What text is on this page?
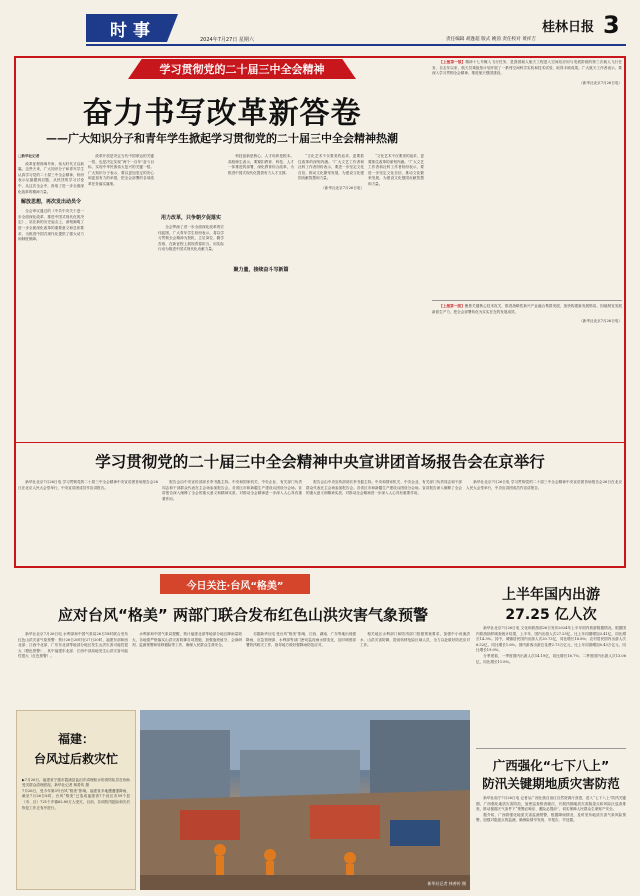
时事	2024年7月27日 星期六	责任编辑 胡逢超 版式 姚茵 责任校对 黄祥吉
桂林日报 3
学习贯彻党的二十届三中全会精神
奋力书写改革新答卷
——广大知识分子和青年学生掀起学习贯彻党的二十届三中全会精神热潮
□新华社记者

改革征程再响号角，伟大时代又启新篇。这些天来，广大知识分子和青年学生认真学习党的二十届三中全会精神，纷纷表示从搞题到启题，从热烈的学习讨论中，从这次全会中，汲取了进一步全面深化改革的精神力量。

解放思想，再次发出动员令

全会审议通过的《中共中央关于进一步全面深化改革、推进中国式现代化的决定》，站在新的历史起点上，深刻阐明了进一步全面深化改革的重要意义和总体要求，为推进中国式现代化提供了强大动力和制度保障。

改革开放是决定当代中国命运的关键一招，也是决定实现“两个一百年”奋斗目标、实现中华民族伟大复兴的关键一招。广大知识分子表示，要以更加坚定的决心和更加有力的举措，把全会部署的各项改革任务落实落细。

用力改革，只争朝夕促落实

全会擘画了进一步全面深化改革的宏伟蓝图，广大青年学生纷纷表示，将以学习贯彻全会精神为契机，立足岗位、勤学苦练，在新征程上展现青春担当，用实际行动为推进中国式现代化贡献力量。

科技创新是核心，人才培养是根本。高校师生表示，要紧扣教育、科技、人才一体推进的部署，深化教育综合改革，为推进中国式现代化提供有力人才支撑。

聚力量，接续奋斗写新篇

“文化艺术不仅要美的追求，更要抓住改革的深刻内涵。”广大文艺工作者和社科工作者纷纷表示，要进一步坚定文化自信，推动文化繁荣发展，为建设文化强国贡献智慧和力量。

（新华社北京7月26日电）

“文化艺术不仅要美的追求，更要抓住改革的深刻内涵。”广大文艺工作者和社科工作者纷纷表示，要进一步坚定文化自信，推动文化繁荣发展，为建设文化强国贡献智慧和力量。

【上接第一版】精神十七号概入飞行任务，是我国载人航天工程进入空间站应用与发展阶段的第三次载人飞行任务，自去年以来，航天员乘组按计划开展了一系列空间科学实验和技术试验，取得丰硕成果。广大航天工作者表示，要深入学习贯彻全会精神，推进航天强国建设。

（新华社北京7月26日电）

【上接第一版】聚焦关键核心技术攻关，推进战略性新兴产业融合集群发展，加快构建新发展格局，因地制宜发展新质生产力，把全会部署转化为实实在在的发展成效。

（新华社北京7月26日电）
学习贯彻党的二十届三中全会精神中央宣讲团首场报告会在京举行

新华社北京7月26日电 学习贯彻党的二十届三中全会精神中央宣讲团首场报告会26日在北京人民大会堂举行，中央宣讲团成员作宣讲报告。

报告会由中央宣传部部长李书磊主持。中央和国家机关、中央企业、有关部门负责同志和干部群众代表在主会场参加报告会。各省区市和新疆生产建设兵团设分会场。宣讲报告深入阐释了全会的重大意义和精神实质，对推动全会精神进一步深入人心具有重要作用。

报告会由中央宣传部部长李书磊主持。中央和国家机关、中央企业、有关部门负责同志和干部群众代表在主会场参加报告会。各省区市和新疆生产建设兵团设分会场。宣讲报告深入阐释了全会的重大意义和精神实质，对推动全会精神进一步深入人心具有重要作用。

新华社北京7月26日电 学习贯彻党的二十届三中全会精神中央宣讲团首场报告会26日在北京人民大会堂举行，中央宣讲团成员作宣讲报告。

上半年国内出游
27.25 亿人次

新华社北京7月26日电 文化和旅游部26日发布2024年上半年国内旅游数据情况。根据国内旅游抽样调查统计结果，上半年，国内出游人次27.25亿，比上年同期增加3.41亿，同比增长14.3%。其中，城镇居民国内出游人次20.73亿，同比增长18.8%；农村居民国内出游人次6.52亿，同比增长1.6%。国内游客出游总花费2.73万亿元，比上年同期增加0.43万亿元，同比增长19.0%。

分季度看，一季度国内出游人次14.19亿，同比增长16.7%；二季度国内出游人次13.06亿，同比增长11.8%。

广西强化“七下八上”
防汛关键期地质灾害防范

新华社南宁7月26日电 记者从广西壮族自治区自然资源厅获悉，进入“七下八上”防汛关键期，广西强化地质灾害防范，加密巡查排查频次，开展汛期地质灾害隐患点和风险区巡查排查，推动极端天气条件下“预警必响应、避险必提前”，切实保障人民群众生命财产安全。

据介绍，广西将强化地质灾害监测预警，根据降雨情况，及时发布地质灾害气象风险预警，加强对隐患点的监测，确保险情早发现、早报告、早处置。

今日关注·台风“格美”
应对台风“格美” 两部门联合发布红色山洪灾害气象预警

新华社北京7月26日电 水利部和中国气象局26日18时联合发布红色山洪灾害气象预警：预计26日20时至27日20时，福建东部和西北部、江西中北部、广东东北部等地部分地区发生山洪灾害可能性很大（橙色预警），其中福建东北部、江西中部局地发生山洪灾害可能性很大（红色预警）。

水利部和中国气象局提醒，预计福建北部等地部分地区降雨量较大，各地需严格落实山洪灾害防御各项措施，加强值班值守、会商研判、监测预警和转移避险等工作，确保人民群众生命安全。

另据新华社电 受台风“格美”影响，江西、湖南、广东等地出现强降雨，应急管理部、水利部等部门密切监视雨水情变化，及时调度部署防汛救灾工作，指导地方做好强降雨防范应对。

相关地区水利部门和防汛部门按照预案要求，加强中小河流洪水、山洪灾害防御，提前转移危险区域人员，全力以赴做好防范应对工作。

福建：
台风过后救灾忙

▶7月26日，福建省宁德市霞浦县盐田乡清理积水的消防队员在协助受灾群众清理淤泥。新华社记者 林善传 摄
7月26日，受今年第3号台风“格美”影响，福建省多地遭遇强降雨，截至7月26日8时，台风“格美”已造成福建省7个设区市59个县（市、区）721个乡镇62.80万人受灾，目前，各项防汛抢险和灾后恢复工作正有序进行。

新华社记者 林善传 摄
